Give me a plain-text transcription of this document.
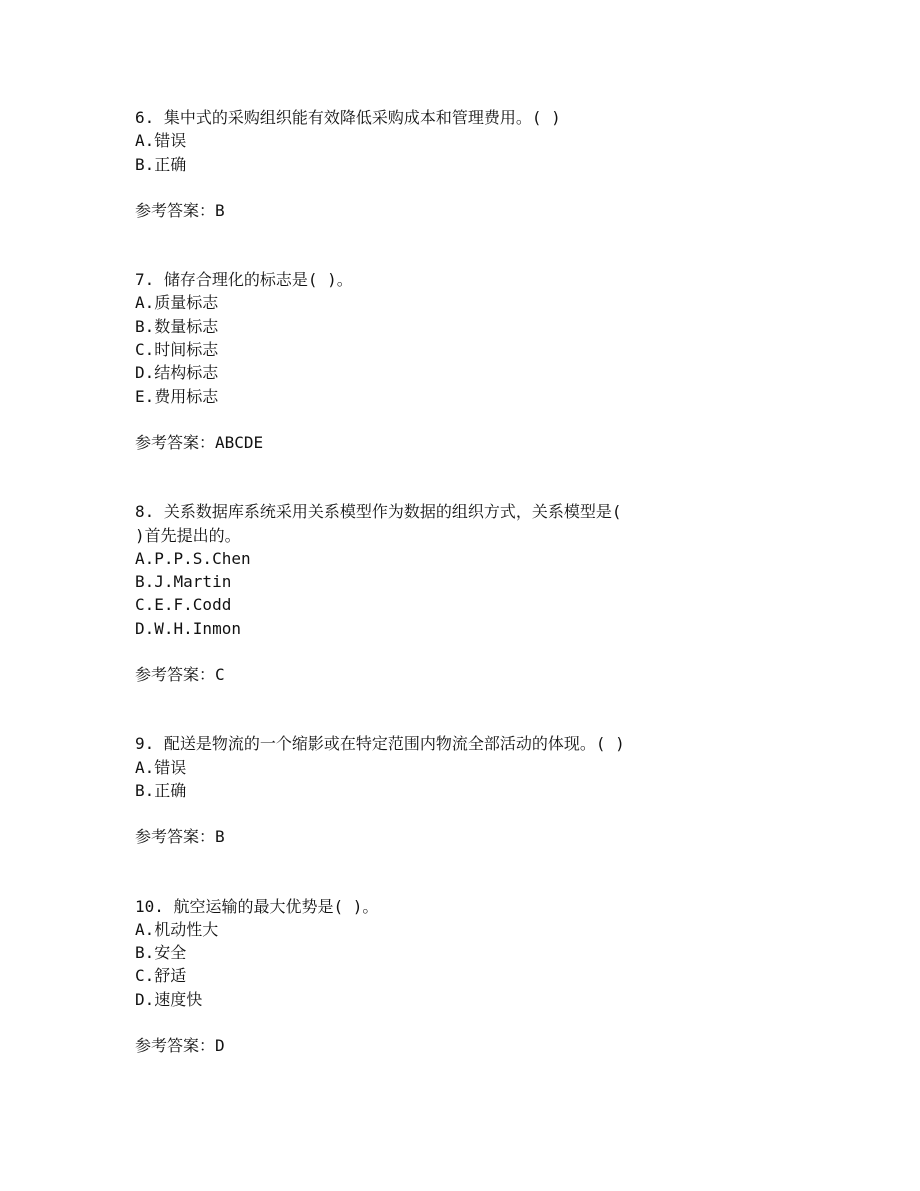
6. 集中式的采购组织能有效降低采购成本和管理费用。( )
A.错误
B.正确
参考答案：B
7. 储存合理化的标志是( )。
A.质量标志
B.数量标志
C.时间标志
D.结构标志
E.费用标志
参考答案：ABCDE
8. 关系数据库系统采用关系模型作为数据的组织方式，关系模型是(
)首先提出的。
A.P.P.S.Chen
B.J.Martin
C.E.F.Codd
D.W.H.Inmon
参考答案：C
9. 配送是物流的一个缩影或在特定范围内物流全部活动的体现。( )
A.错误
B.正确
参考答案：B
10. 航空运输的最大优势是( )。
A.机动性大
B.安全
C.舒适
D.速度快
参考答案：D
